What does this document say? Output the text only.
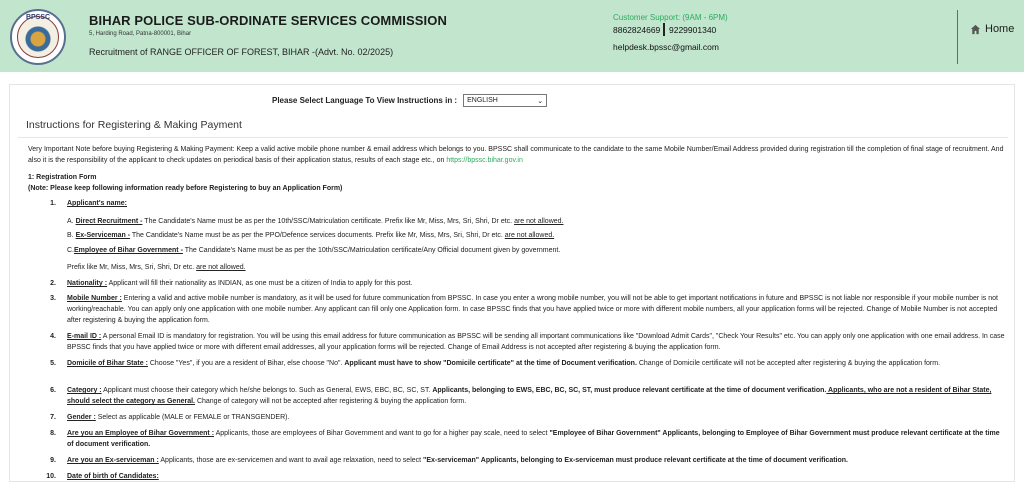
BPSSC	BIHAR POLICE SUB-ORDINATE SERVICES COMMISSION
5, Harding Road, Patna-800001, Bihar
Recruitment of RANGE OFFICER OF FOREST, BIHAR -(Advt. No. 02/2025)
Customer Support: (9AM - 6PM)
8862824669 9229901340
helpdesk.bpssc@gmail.com
Home
Please Select Language To View Instructions in : ENGLISH	⌄
Instructions for Registering & Making Payment
Very Important Note before buying Registering & Making Payment: Keep a valid active mobile phone number & email address which belongs to you. BPSSC shall communicate to the candidate to the same Mobile Number/Email Address provided during registration till the completion of final stage of recruitment. And also it is the responsibility of the applicant to check updates on periodical basis of their application status, results of each stage etc., on https://bpssc.bihar.gov.in
1: Registration Form
(Note: Please keep following information ready before Registering to buy an Application Form)
1. Applicant's name:
A. Direct Recruitment - The Candidate's Name must be as per the 10th/SSC/Matriculation certificate. Prefix like Mr, Miss, Mrs, Sri, Shri, Dr etc. are not allowed.
B. Ex-Serviceman - The Candidate's Name must be as per the PPO/Defence services documents. Prefix like Mr, Miss, Mrs, Sri, Shri, Dr etc. are not allowed.
C.Employee of Bihar Government - The Candidate's Name must be as per the 10th/SSC/Matriculation certificate/Any Official document given by government.
Prefix like Mr, Miss, Mrs, Sri, Shri, Dr etc. are not allowed.
2. Nationality : Applicant will fill their nationality as INDIAN, as one must be a citizen of India to apply for this post.
3. Mobile Number : Entering a valid and active mobile number is mandatory, as it will be used for future communication from BPSSC. In case you enter a wrong mobile number, you will not be able to get important notifications in future and BPSSC is not liable nor responsible if your mobile number is not working/reachable. You can apply only one application with one mobile number. Any applicant can fill only one Application form. In case BPSSC finds that you have applied twice or more with different mobile numbers, all your application forms will be rejected. Change of Mobile Number is not accepted after registering & buying the application form.
4. E-mail ID : A personal Email ID is mandatory for registration. You will be using this email address for future communication as BPSSC will be sending all important communications like "Download Admit Cards", "Check Your Results" etc. You can apply only one application with one email address. In case BPSSC finds that you have applied twice or more with different email addresses, all your application forms will be rejected. Change of Email Address is not accepted after registering & buying the application form.
5. Domicile of Bihar State : Choose "Yes", if you are a resident of Bihar, else choose "No". Applicant must have to show "Domicile certificate" at the time of Document verification. Change of Domicile certificate will not be accepted after registering & buying the application form.
6. Category : Applicant must choose their category which he/she belongs to. Such as General, EWS, EBC, BC, SC, ST. Applicants, belonging to EWS, EBC, BC, SC, ST, must produce relevant certificate at the time of document verification. Applicants, who are not a resident of Bihar State, should select the category as General. Change of category will not be accepted after registering & buying the application form.
7. Gender : Select as applicable (MALE or FEMALE or TRANSGENDER).
8. Are you an Employee of Bihar Government : Applicants, those are employees of Bihar Government and want to go for a higher pay scale, need to select "Employee of Bihar Government" Applicants, belonging to Employee of Bihar Government must produce relevant certificate at the time of document verification.
9. Are you an Ex-serviceman : Applicants, those are ex-servicemen and want to avail age relaxation, need to select "Ex-serviceman" Applicants, belonging to Ex-serviceman must produce relevant certificate at the time of document verification.
10. Date of birth of Candidates:
